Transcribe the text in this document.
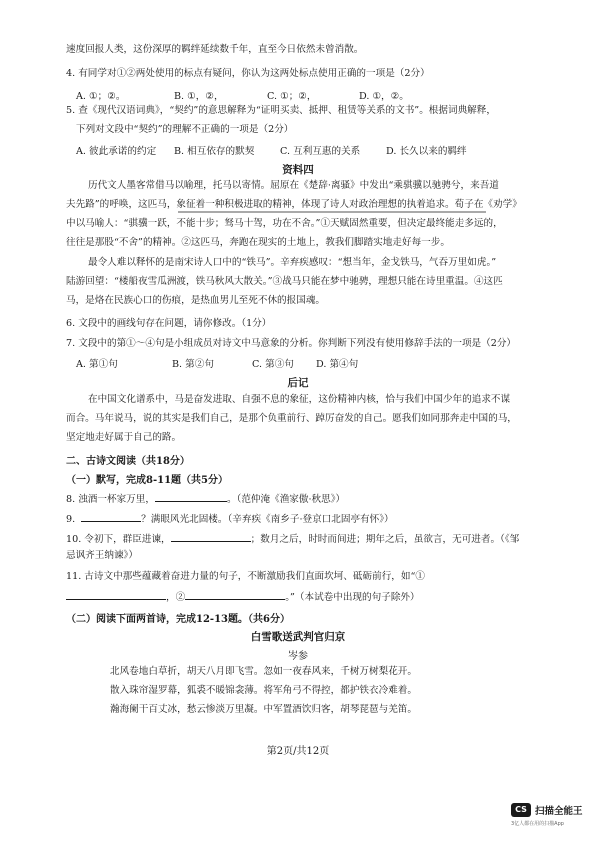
速度回报人类，这份深厚的羁绊延续数千年，直至今日依然未曾消散。
4. 有同学对①②两处使用的标点有疑问，你认为这两处标点使用正确的一项是（2分）
A. ①；②。	B. ①，②，	C. ①；②，	D. ①，②。
5. 查《现代汉语词典》，“契约”的意思解释为“证明买卖、抵押、租赁等关系的文书”。根据词典解释，
下列对文段中“契约”的理解不正确的一项是（2分）
A. 彼此承诺的约定 B. 相互依存的默契	C. 互利互惠的关系	D. 长久以来的羁绊
资料四
历代文人墨客常借马以喻理，托马以寄情。屈原在《楚辞·离骚》中发出“乘骐骥以驰骋兮，来吾道
夫先路”的呼唤，这匹马，象征着一种积极进取的精神，体现了诗人对政治理想的执着追求。荀子在《劝学》
中以马喻人：“骐骥一跃，不能十步；驽马十驾，功在不舍。”①天赋固然重要，但决定最终能走多远的，
往往是那股“不舍”的精神。②这匹马，奔跑在现实的土地上，教我们脚踏实地走好每一步。
最令人难以释怀的是南宋诗人口中的“铁马”。辛弃疾感叹：“想当年，金戈铁马，气吞万里如虎。”
陆游回望：“楼船夜雪瓜洲渡，铁马秋风大散关。”③战马只能在梦中驰骋，理想只能在诗里重温。④这匹
马，是烙在民族心口的伤痕，是热血男儿至死不休的报国魂。
6. 文段中的画线句存在问题，请你修改。（1分）
7. 文段中的第①～④句是小组成员对诗文中马意象的分析。你判断下列没有使用修辞手法的一项是（2分）
A. 第①句	B. 第②句	C. 第③句 D. 第④句
后记
在中国文化谱系中，马是奋发进取、自强不息的象征，这份精神内核，恰与我们中国少年的追求不谋
而合。马年说马，说的其实是我们自己，是那个负重前行、踔厉奋发的自己。愿我们如同那奔走中国的马，
坚定地走好属于自己的路。
二、古诗文阅读（共18分）
（一）默写，完成8-11题（共5分）
8. 浊酒一杯家万里，	。（范仲淹《渔家傲·秋思》）
9.	？满眼风光北固楼。（辛弃疾《南乡子·登京口北固亭有怀》）
10. 令初下，群臣进谏，	；数月之后，时时而间进；期年之后，虽欲言，无可进者。（《邹
忌讽齐王纳谏》）
11. 古诗文中那些蕴藏着奋进力量的句子，不断激励我们直面坎坷、砥砺前行，如“①
，②	。”（本试卷中出现的句子除外）
（二）阅读下面两首诗，完成12-13题。（共6分）
白雪歌送武判官归京
岑参
北风卷地白草折，胡天八月即飞雪。忽如一夜春风来，千树万树梨花开。
散入珠帘湿罗幕，狐裘不暖锦衾薄。将军角弓不得控，都护铁衣冷难着。
瀚海阑干百丈冰，愁云惨淡万里凝。中军置酒饮归客，胡琴琵琶与羌笛。
第2页/共12页
CS 扫描全能王
3亿人都在用的扫描App
